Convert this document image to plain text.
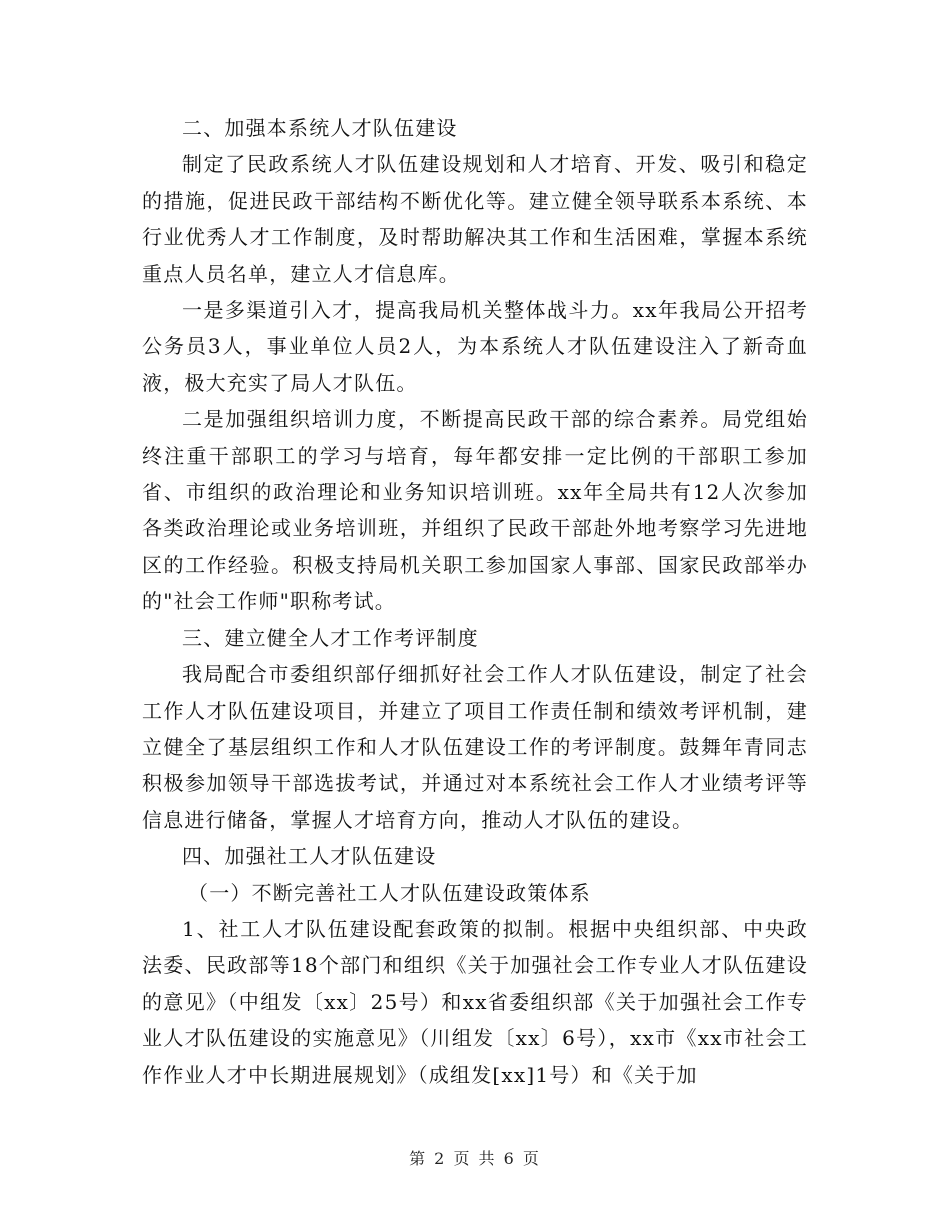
二、加强本系统人才队伍建设

制定了民政系统人才队伍建设规划和人才培育、开发、吸引和稳定的措施，促进民政干部结构不断优化等。建立健全领导联系本系统、本行业优秀人才工作制度，及时帮助解决其工作和生活困难，掌握本系统重点人员名单，建立人才信息库。

一是多渠道引入才，提高我局机关整体战斗力。xx年我局公开招考公务员3人，事业单位人员2人，为本系统人才队伍建设注入了新奇血液，极大充实了局人才队伍。

二是加强组织培训力度，不断提高民政干部的综合素养。局党组始终注重干部职工的学习与培育，每年都安排一定比例的干部职工参加省、市组织的政治理论和业务知识培训班。xx年全局共有12人次参加各类政治理论或业务培训班，并组织了民政干部赴外地考察学习先进地区的工作经验。积极支持局机关职工参加国家人事部、国家民政部举办的"社会工作师"职称考试。

三、建立健全人才工作考评制度

我局配合市委组织部仔细抓好社会工作人才队伍建设，制定了社会工作人才队伍建设项目，并建立了项目工作责任制和绩效考评机制，建立健全了基层组织工作和人才队伍建设工作的考评制度。鼓舞年青同志积极参加领导干部选拔考试，并通过对本系统社会工作人才业绩考评等信息进行储备，掌握人才培育方向，推动人才队伍的建设。

四、加强社工人才队伍建设

（一）不断完善社工人才队伍建设政策体系

1、社工人才队伍建设配套政策的拟制。根据中央组织部、中央政法委、民政部等18个部门和组织《关于加强社会工作专业人才队伍建设的意见》（中组发〔xx〕25号）和xx省委组织部《关于加强社会工作专业人才队伍建设的实施意见》（川组发〔xx〕6号），xx市《xx市社会工作作业人才中长期进展规划》（成组发[xx]1号）和《关于加

第 2 页 共 6 页
